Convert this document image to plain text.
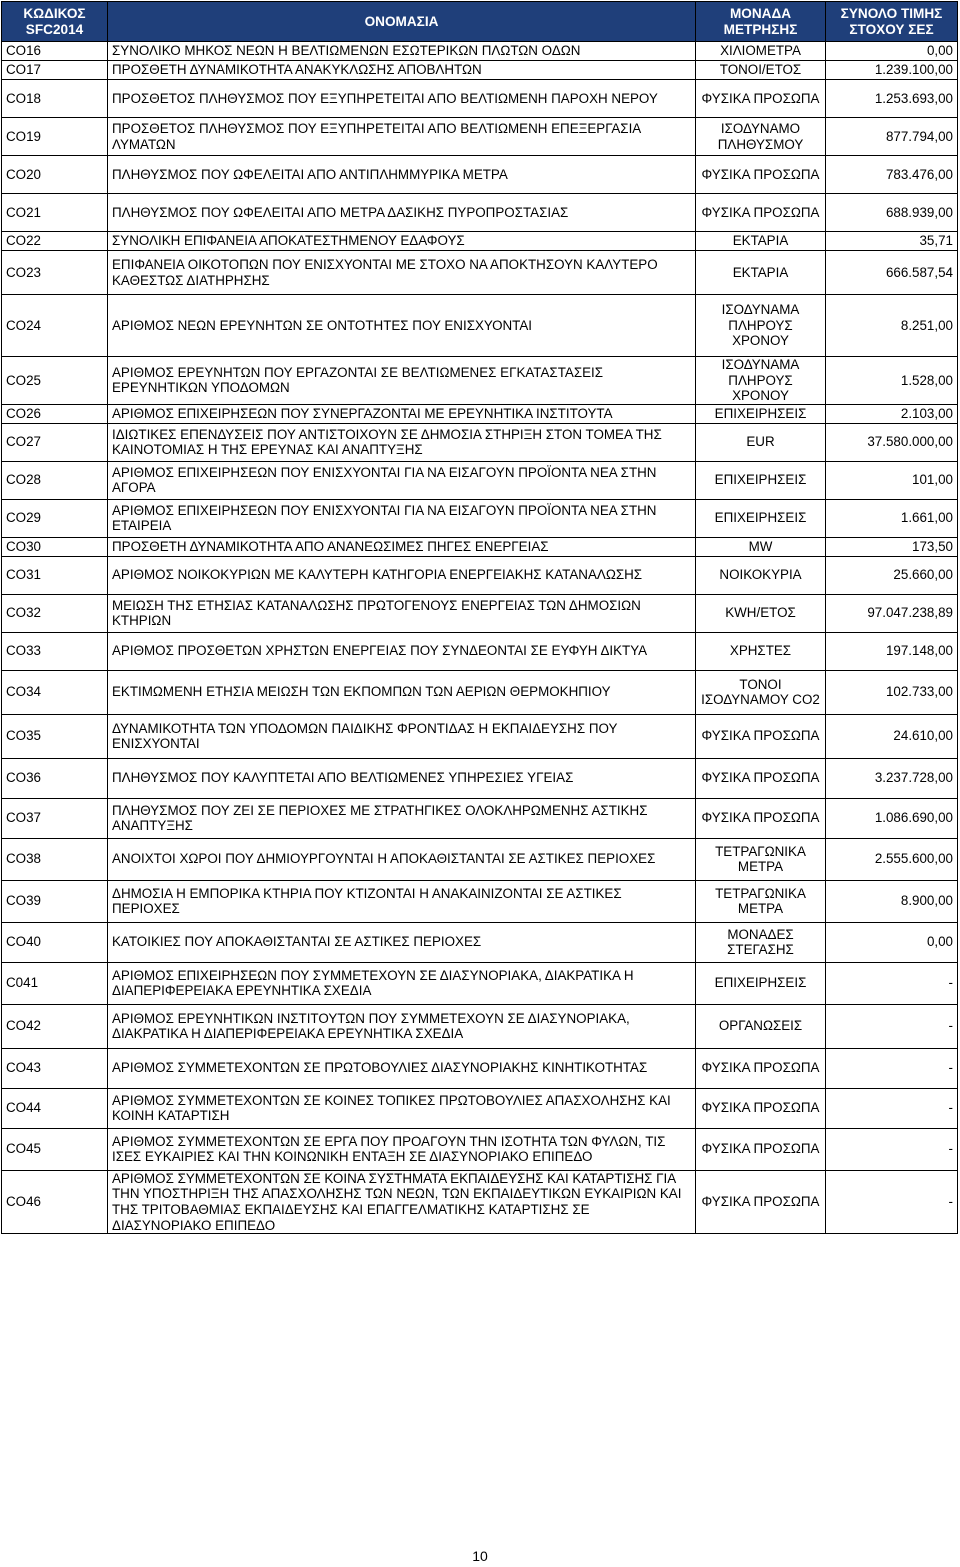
ΚΩΔΙΚΟΣ SFC2014	ΟΝΟΜΑΣΙΑ	ΜΟΝΑΔΑ ΜΕΤΡΗΣΗΣ	ΣΥΝΟΛΟ ΤΙΜΗΣ ΣΤΟΧΟΥ ΣΕΣ
CO16	ΣΥΝΟΛΙΚΟ ΜΗΚΟΣ ΝΕΩΝ Η ΒΕΛΤΙΩΜΕΝΩΝ ΕΣΩΤΕΡΙΚΩΝ ΠΛΩΤΩΝ ΟΔΩΝ	ΧΙΛΙΟΜΕΤΡΑ	0,00
CO17	ΠΡΟΣΘΕΤΗ ΔΥΝΑΜΙΚΟΤΗΤΑ ΑΝΑΚΥΚΛΩΣΗΣ ΑΠΟΒΛΗΤΩΝ	ΤΟΝΟΙ/ΕΤΟΣ	1.239.100,00
CO18	ΠΡΟΣΘΕΤΟΣ ΠΛΗΘΥΣΜΟΣ ΠΟΥ ΕΞΥΠΗΡΕΤΕΙΤΑΙ ΑΠΟ ΒΕΛΤΙΩΜΕΝΗ ΠΑΡΟΧΗ ΝΕΡΟΥ	ΦΥΣΙΚΑ ΠΡΟΣΩΠΑ	1.253.693,00
CO19	ΠΡΟΣΘΕΤΟΣ ΠΛΗΘΥΣΜΟΣ ΠΟΥ ΕΞΥΠΗΡΕΤΕΙΤΑΙ ΑΠΟ ΒΕΛΤΙΩΜΕΝΗ ΕΠΕΞΕΡΓΑΣΙΑ ΛΥΜΑΤΩΝ	ΙΣΟΔΥΝΑΜΟ ΠΛΗΘΥΣΜΟΥ	877.794,00
CO20	ΠΛΗΘΥΣΜΟΣ ΠΟΥ ΩΦΕΛΕΙΤΑΙ ΑΠΟ ΑΝΤΙΠΛΗΜΜΥΡΙΚΑ ΜΕΤΡΑ	ΦΥΣΙΚΑ ΠΡΟΣΩΠΑ	783.476,00
CO21	ΠΛΗΘΥΣΜΟΣ ΠΟΥ ΩΦΕΛΕΙΤΑΙ ΑΠΟ ΜΕΤΡΑ ΔΑΣΙΚΗΣ ΠΥΡΟΠΡΟΣΤΑΣΙΑΣ	ΦΥΣΙΚΑ ΠΡΟΣΩΠΑ	688.939,00
CO22	ΣΥΝΟΛΙΚΗ ΕΠΙΦΑΝΕΙΑ ΑΠΟΚΑΤΕΣΤΗΜΕΝΟΥ ΕΔΑΦΟΥΣ	ΕΚΤΑΡΙΑ	35,71
CO23	ΕΠΙΦΑΝΕΙΑ ΟΙΚΟΤΟΠΩΝ ΠΟΥ ΕΝΙΣΧΥΟΝΤΑΙ ΜΕ ΣΤΟΧΟ ΝΑ ΑΠΟΚΤΗΣΟΥΝ ΚΑΛΥΤΕΡΟ ΚΑΘΕΣΤΩΣ ΔΙΑΤΗΡΗΣΗΣ	ΕΚΤΑΡΙΑ	666.587,54
CO24	ΑΡΙΘΜΟΣ ΝΕΩΝ ΕΡΕΥΝΗΤΩΝ ΣΕ ΟΝΤΟΤΗΤΕΣ ΠΟΥ ΕΝΙΣΧΥΟΝΤΑΙ	ΙΣΟΔΥΝΑΜΑ ΠΛΗΡΟΥΣ ΧΡΟΝΟΥ	8.251,00
CO25	ΑΡΙΘΜΟΣ ΕΡΕΥΝΗΤΩΝ ΠΟΥ ΕΡΓΑΖΟΝΤΑΙ ΣΕ ΒΕΛΤΙΩΜΕΝΕΣ ΕΓΚΑΤΑΣΤΑΣΕΙΣ ΕΡΕΥΝΗΤΙΚΩΝ ΥΠΟΔΟΜΩΝ	ΙΣΟΔΥΝΑΜΑ ΠΛΗΡΟΥΣ ΧΡΟΝΟΥ	1.528,00
CO26	ΑΡΙΘΜΟΣ ΕΠΙΧΕΙΡΗΣΕΩΝ ΠΟΥ ΣΥΝΕΡΓΑΖΟΝΤΑΙ ΜΕ ΕΡΕΥΝΗΤΙΚΑ ΙΝΣΤΙΤΟΥΤΑ	ΕΠΙΧΕΙΡΗΣΕΙΣ	2.103,00
CO27	ΙΔΙΩΤΙΚΕΣ ΕΠΕΝΔΥΣΕΙΣ ΠΟΥ ΑΝΤΙΣΤΟΙΧΟΥΝ ΣΕ ΔΗΜΟΣΙΑ ΣΤΗΡΙΞΗ ΣΤΟΝ ΤΟΜΕΑ ΤΗΣ ΚΑΙΝΟΤΟΜΙΑΣ Η ΤΗΣ ΕΡΕΥΝΑΣ ΚΑΙ ΑΝΑΠΤΥΞΗΣ	EUR	37.580.000,00
CO28	ΑΡΙΘΜΟΣ ΕΠΙΧΕΙΡΗΣΕΩΝ ΠΟΥ ΕΝΙΣΧΥΟΝΤΑΙ ΓΙΑ ΝΑ ΕΙΣΑΓΟΥΝ ΠΡΟΪΟΝΤΑ ΝΕΑ ΣΤΗΝ ΑΓΟΡΑ	ΕΠΙΧΕΙΡΗΣΕΙΣ	101,00
CO29	ΑΡΙΘΜΟΣ ΕΠΙΧΕΙΡΗΣΕΩΝ ΠΟΥ ΕΝΙΣΧΥΟΝΤΑΙ ΓΙΑ ΝΑ ΕΙΣΑΓΟΥΝ ΠΡΟΪΟΝΤΑ ΝΕΑ ΣΤΗΝ ΕΤΑΙΡΕΙΑ	ΕΠΙΧΕΙΡΗΣΕΙΣ	1.661,00
CO30	ΠΡΟΣΘΕΤΗ ΔΥΝΑΜΙΚΟΤΗΤΑ ΑΠΟ ΑΝΑΝΕΩΣΙΜΕΣ ΠΗΓΕΣ ΕΝΕΡΓΕΙΑΣ	MW	173,50
CO31	ΑΡΙΘΜΟΣ ΝΟΙΚΟΚΥΡΙΩΝ ΜΕ ΚΑΛΥΤΕΡΗ ΚΑΤΗΓΟΡΙΑ ΕΝΕΡΓΕΙΑΚΗΣ ΚΑΤΑΝΑΛΩΣΗΣ	ΝΟΙΚΟΚΥΡΙΑ	25.660,00
CO32	ΜΕΙΩΣΗ ΤΗΣ ΕΤΗΣΙΑΣ ΚΑΤΑΝΑΛΩΣΗΣ ΠΡΩΤΟΓΕΝΟΥΣ ΕΝΕΡΓΕΙΑΣ ΤΩΝ ΔΗΜΟΣΙΩΝ ΚΤΗΡΙΩΝ	KWH/ΕΤΟΣ	97.047.238,89
CO33	ΑΡΙΘΜΟΣ ΠΡΟΣΘΕΤΩΝ ΧΡΗΣΤΩΝ ΕΝΕΡΓΕΙΑΣ ΠΟΥ ΣΥΝΔΕΟΝΤΑΙ ΣΕ ΕΥΦΥΗ ΔΙΚΤΥΑ	ΧΡΗΣΤΕΣ	197.148,00
CO34	ΕΚΤΙΜΩΜΕΝΗ ΕΤΗΣΙΑ ΜΕΙΩΣΗ ΤΩΝ ΕΚΠΟΜΠΩΝ ΤΩΝ ΑΕΡΙΩΝ ΘΕΡΜΟΚΗΠΙΟΥ	ΤΟΝΟΙ ΙΣΟΔΥΝΑΜΟΥ CO2	102.733,00
CO35	ΔΥΝΑΜΙΚΟΤΗΤΑ ΤΩΝ ΥΠΟΔΟΜΩΝ ΠΑΙΔΙΚΗΣ ΦΡΟΝΤΙΔΑΣ Η ΕΚΠΑΙΔΕΥΣΗΣ ΠΟΥ ΕΝΙΣΧΥΟΝΤΑΙ	ΦΥΣΙΚΑ ΠΡΟΣΩΠΑ	24.610,00
CO36	ΠΛΗΘΥΣΜΟΣ ΠΟΥ ΚΑΛΥΠΤΕΤΑΙ ΑΠΟ ΒΕΛΤΙΩΜΕΝΕΣ ΥΠΗΡΕΣΙΕΣ ΥΓΕΙΑΣ	ΦΥΣΙΚΑ ΠΡΟΣΩΠΑ	3.237.728,00
CO37	ΠΛΗΘΥΣΜΟΣ ΠΟΥ ΖΕΙ ΣΕ ΠΕΡΙΟΧΕΣ ΜΕ ΣΤΡΑΤΗΓΙΚΕΣ ΟΛΟΚΛΗΡΩΜΕΝΗΣ ΑΣΤΙΚΗΣ ΑΝΑΠΤΥΞΗΣ	ΦΥΣΙΚΑ ΠΡΟΣΩΠΑ	1.086.690,00
CO38	ΑΝΟΙΧΤΟΙ ΧΩΡΟΙ ΠΟΥ ΔΗΜΙΟΥΡΓΟΥΝΤΑΙ Η ΑΠΟΚΑΘΙΣΤΑΝΤΑΙ ΣΕ ΑΣΤΙΚΕΣ ΠΕΡΙΟΧΕΣ	ΤΕΤΡΑΓΩΝΙΚΑ ΜΕΤΡΑ	2.555.600,00
CO39	ΔΗΜΟΣΙΑ Η ΕΜΠΟΡΙΚΑ ΚΤΗΡΙΑ ΠΟΥ ΚΤΙΖΟΝΤΑΙ Η ΑΝΑΚΑΙΝΙΖΟΝΤΑΙ ΣΕ ΑΣΤΙΚΕΣ ΠΕΡΙΟΧΕΣ	ΤΕΤΡΑΓΩΝΙΚΑ ΜΕΤΡΑ	8.900,00
CO40	ΚΑΤΟΙΚΙΕΣ ΠΟΥ ΑΠΟΚΑΘΙΣΤΑΝΤΑΙ ΣΕ ΑΣΤΙΚΕΣ ΠΕΡΙΟΧΕΣ	ΜΟΝΑΔΕΣ ΣΤΕΓΑΣΗΣ	0,00
C041	ΑΡΙΘΜΟΣ ΕΠΙΧΕΙΡΗΣΕΩΝ ΠΟΥ ΣΥΜΜΕΤΕΧΟΥΝ ΣΕ ΔΙΑΣΥΝΟΡΙΑΚΑ, ΔΙΑΚΡΑΤΙΚΑ Η ΔΙΑΠΕΡΙΦΕΡΕΙΑΚΑ ΕΡΕΥΝΗΤΙΚΑ ΣΧΕΔΙΑ	ΕΠΙΧΕΙΡΗΣΕΙΣ	-
CO42	ΑΡΙΘΜΟΣ ΕΡΕΥΝΗΤΙΚΩΝ ΙΝΣΤΙΤΟΥΤΩΝ ΠΟΥ ΣΥΜΜΕΤΕΧΟΥΝ ΣΕ ΔΙΑΣΥΝΟΡΙΑΚΑ, ΔΙΑΚΡΑΤΙΚΑ Η ΔΙΑΠΕΡΙΦΕΡΕΙΑΚΑ ΕΡΕΥΝΗΤΙΚΑ ΣΧΕΔΙΑ	ΟΡΓΑΝΩΣΕΙΣ	-
CO43	ΑΡΙΘΜΟΣ ΣΥΜΜΕΤΕΧΟΝΤΩΝ ΣΕ ΠΡΩΤΟΒΟΥΛΙΕΣ ΔΙΑΣΥΝΟΡΙΑΚΗΣ ΚΙΝΗΤΙΚΟΤΗΤΑΣ	ΦΥΣΙΚΑ ΠΡΟΣΩΠΑ	-
CO44	ΑΡΙΘΜΟΣ ΣΥΜΜΕΤΕΧΟΝΤΩΝ ΣΕ ΚΟΙΝΕΣ ΤΟΠΙΚΕΣ ΠΡΩΤΟΒΟΥΛΙΕΣ ΑΠΑΣΧΟΛΗΣΗΣ ΚΑΙ ΚΟΙΝΗ ΚΑΤΑΡΤΙΣΗ	ΦΥΣΙΚΑ ΠΡΟΣΩΠΑ	-
CO45	ΑΡΙΘΜΟΣ ΣΥΜΜΕΤΕΧΟΝΤΩΝ ΣΕ ΕΡΓΑ ΠΟΥ ΠΡΟΑΓΟΥΝ ΤΗΝ ΙΣΟΤΗΤΑ ΤΩΝ ΦΥΛΩΝ, ΤΙΣ ΙΣΕΣ ΕΥΚΑΙΡΙΕΣ ΚΑΙ ΤΗΝ ΚΟΙΝΩΝΙΚΗ ΕΝΤΑΞΗ ΣΕ ΔΙΑΣΥΝΟΡΙΑΚΟ ΕΠΙΠΕΔΟ	ΦΥΣΙΚΑ ΠΡΟΣΩΠΑ	-
CO46	ΑΡΙΘΜΟΣ ΣΥΜΜΕΤΕΧΟΝΤΩΝ ΣΕ ΚΟΙΝΑ ΣΥΣΤΗΜΑΤΑ ΕΚΠΑΙΔΕΥΣΗΣ ΚΑΙ ΚΑΤΑΡΤΙΣΗΣ ΓΙΑ ΤΗΝ ΥΠΟΣΤΗΡΙΞΗ ΤΗΣ ΑΠΑΣΧΟΛΗΣΗΣ ΤΩΝ ΝΕΩΝ, ΤΩΝ ΕΚΠΑΙΔΕΥΤΙΚΩΝ ΕΥΚΑΙΡΙΩΝ ΚΑΙ ΤΗΣ ΤΡΙΤΟΒΑΘΜΙΑΣ ΕΚΠΑΙΔΕΥΣΗΣ ΚΑΙ ΕΠΑΓΓΕΛΜΑΤΙΚΗΣ ΚΑΤΑΡΤΙΣΗΣ ΣΕ ΔΙΑΣΥΝΟΡΙΑΚΟ ΕΠΙΠΕΔΟ	ΦΥΣΙΚΑ ΠΡΟΣΩΠΑ	-
10
